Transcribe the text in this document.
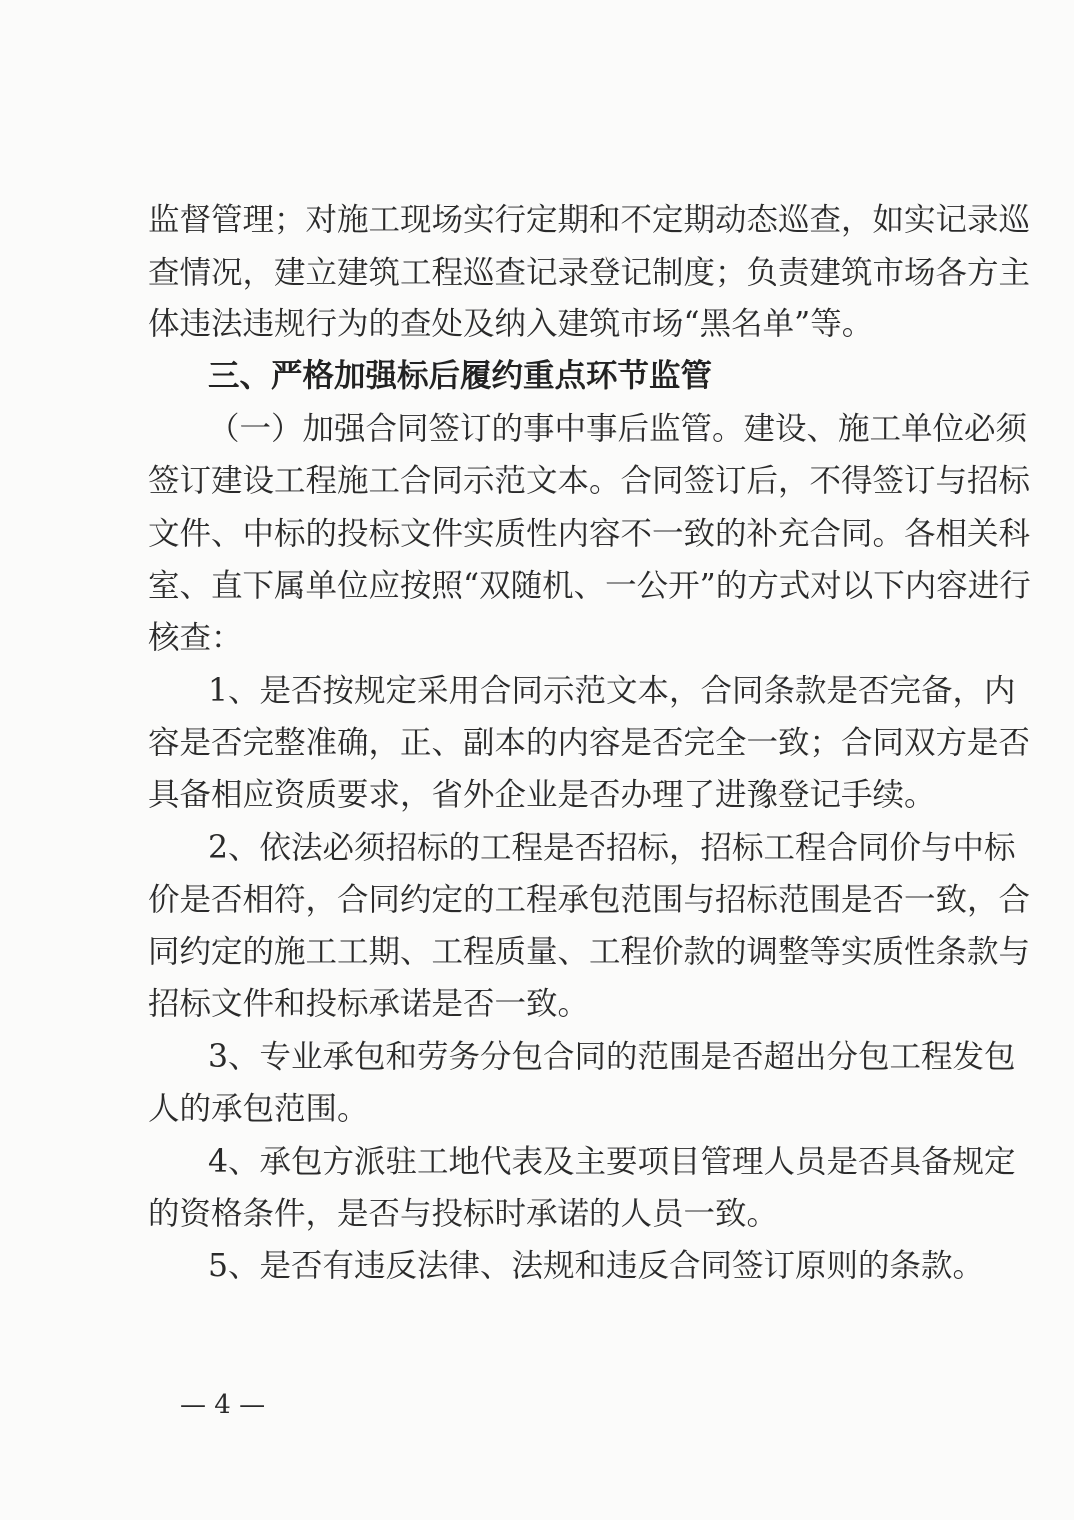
监督管理；对施工现场实行定期和不定期动态巡查，如实记录巡
查情况，建立建筑工程巡查记录登记制度；负责建筑市场各方主
体违法违规行为的查处及纳入建筑市场“黑名单”等。
三、严格加强标后履约重点环节监管
（一）加强合同签订的事中事后监管。建设、施工单位必须
签订建设工程施工合同示范文本。合同签订后，不得签订与招标
文件、中标的投标文件实质性内容不一致的补充合同。各相关科
室、直下属单位应按照“双随机、一公开”的方式对以下内容进行
核查：
1、是否按规定采用合同示范文本，合同条款是否完备，内
容是否完整准确，正、副本的内容是否完全一致；合同双方是否
具备相应资质要求，省外企业是否办理了进豫登记手续。
2、依法必须招标的工程是否招标，招标工程合同价与中标
价是否相符，合同约定的工程承包范围与招标范围是否一致，合
同约定的施工工期、工程质量、工程价款的调整等实质性条款与
招标文件和投标承诺是否一致。
3、专业承包和劳务分包合同的范围是否超出分包工程发包
人的承包范围。
4、承包方派驻工地代表及主要项目管理人员是否具备规定
的资格条件，是否与投标时承诺的人员一致。
5、是否有违反法律、法规和违反合同签订原则的条款。
— 4 —
